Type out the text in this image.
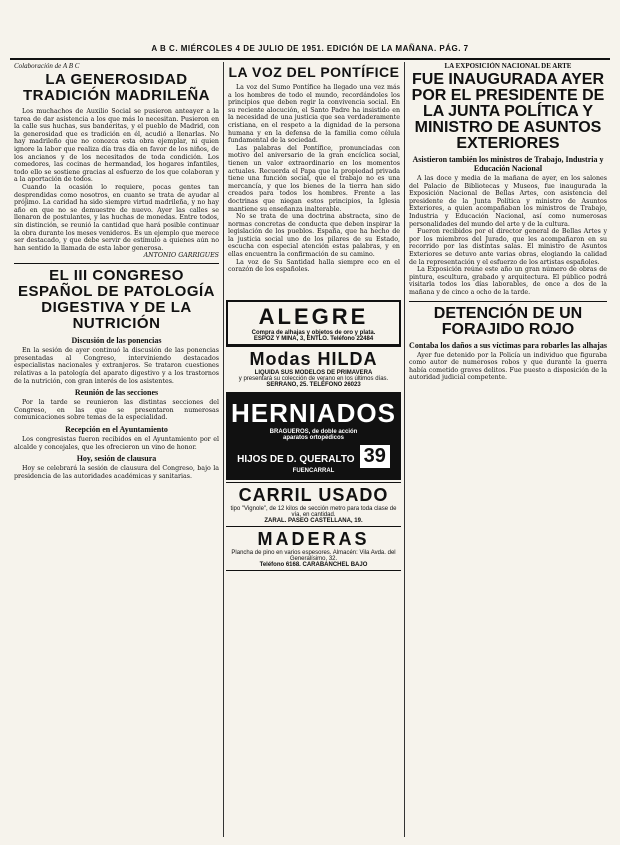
A B C. MIÉRCOLES 4 DE JULIO DE 1951. EDICIÓN DE LA MAÑANA. PÁG. 7
Colaboración de A B C
LA GENEROSIDAD TRADICIÓN MADRILEÑA

Los muchachos de Auxilio Social se pusieron anteayer a la tarea de dar asistencia a los que más lo necesitan. Pusieron en la calle sus huchas, sus banderitas, y el pueblo de Madrid, con la generosidad que es tradición en él, acudió a llenarlas. No hay madrileño que no conozca esta obra ejemplar, ni quien ignore la labor que realiza día tras día en favor de los niños, de los ancianos y de los necesitados de toda condición. Los comedores, las cocinas de hermandad, los hogares infantiles, todo ello se sostiene gracias al esfuerzo de los que colaboran y a la aportación de todos.

Cuando la ocasión lo requiere, pocas gentes tan desprendidas como nosotros, en cuanto se trata de ayudar al prójimo. La caridad ha sido siempre virtud madrileña, y no hay año en que no se demuestre de nuevo. Ayer las calles se llenaron de postulantes, y las huchas de monedas. Entre todos, sin distinción, se reunió la cantidad que hará posible continuar la obra durante los meses venideros. Es un ejemplo que merece ser destacado, y que debe servir de estímulo a quienes aún no han sentido la llamada de esta labor generosa.

ANTONIO GARRIGUES
EL III CONGRESO ESPAÑOL DE PATOLOGÍA DIGESTIVA Y DE LA NUTRICIÓN
Discusión de las ponencias

En la sesión de ayer continuó la discusión de las ponencias presentadas al Congreso, interviniendo destacados especialistas nacionales y extranjeros. Se trataron cuestiones relativas a la patología del aparato digestivo y a los trastornos de la nutrición, con gran interés de los asistentes.

Reunión de las secciones

Por la tarde se reunieron las distintas secciones del Congreso, en las que se presentaron numerosas comunicaciones sobre temas de la especialidad.

Recepción en el Ayuntamiento

Los congresistas fueron recibidos en el Ayuntamiento por el alcalde y concejales, que les ofrecieron un vino de honor.

Hoy, sesión de clausura

Hoy se celebrará la sesión de clausura del Congreso, bajo la presidencia de las autoridades académicas y sanitarias.

LA VOZ DEL PONTÍFICE

La voz del Sumo Pontífice ha llegado una vez más a los hombres de todo el mundo, recordándoles los principios que deben regir la convivencia social. En su reciente alocución, el Santo Padre ha insistido en la necesidad de una justicia que sea verdaderamente cristiana, en el respeto a la dignidad de la persona humana y en la defensa de la familia como célula fundamental de la sociedad.

Las palabras del Pontífice, pronunciadas con motivo del aniversario de la gran encíclica social, tienen un valor extraordinario en los momentos actuales. Recuerda el Papa que la propiedad privada tiene una función social, que el trabajo no es una mercancía, y que los bienes de la tierra han sido creados para todos los hombres. Frente a las doctrinas que niegan estos principios, la Iglesia mantiene su enseñanza inalterable.

No se trata de una doctrina abstracta, sino de normas concretas de conducta que deben inspirar la legislación de los pueblos. España, que ha hecho de la justicia social uno de los pilares de su Estado, escucha con especial atención estas palabras, y en ellas encuentra la confirmación de su camino.

La voz de Su Santidad halla siempre eco en el corazón de los españoles.

ALEGRE
Compra de alhajas y objetos de oro y plata.
ESPOZ Y MINA, 3, ENTLO. Teléfono 22484
Modas HILDA
LIQUIDA SUS MODELOS DE PRIMAVERA
y presentará su colección de verano en los últimos días.
SERRANO, 25. TELÉFONO 26023
HERNIADOS
BRAGUEROS, de doble acción
aparatos ortopédicos
HIJOS DE D. QUERALTO 39
FUENCARRAL
CARRIL USADO
tipo "Vignole", de 12 kilos de sección metro para toda clase de vía, en cantidad.
ZARAL. PASEO CASTELLANA, 19.
MADERAS
Plancha de pino en varios espesores. Almacén: Vila Avda. del Generalísimo, 32.
Teléfono 6168. CARABANCHEL BAJO
LA EXPOSICIÓN NACIONAL DE ARTE
FUE INAUGURADA AYER POR EL PRESIDENTE DE LA JUNTA POLÍTICA Y MINISTRO DE ASUNTOS EXTERIORES
Asistieron también los ministros de Trabajo, Industria y Educación Nacional

A las doce y media de la mañana de ayer, en los salones del Palacio de Bibliotecas y Museos, fue inaugurada la Exposición Nacional de Bellas Artes, con asistencia del presidente de la Junta Política y ministro de Asuntos Exteriores, a quien acompañaban los ministros de Trabajo, Industria y Educación Nacional, así como numerosas personalidades del mundo del arte y de la cultura.

Fueron recibidos por el director general de Bellas Artes y por los miembros del Jurado, que les acompañaron en su recorrido por las distintas salas. El ministro de Asuntos Exteriores se detuvo ante varias obras, elogiando la calidad de la representación y el esfuerzo de los artistas españoles.

La Exposición reúne este año un gran número de obras de pintura, escultura, grabado y arquitectura. El público podrá visitarla todos los días laborables, de once a dos de la mañana y de cinco a ocho de la tarde.

DETENCIÓN DE UN FORAJIDO ROJO
Contaba los daños a sus víctimas para robarles las alhajas

Ayer fue detenido por la Policía un individuo que figuraba como autor de numerosos robos y que durante la guerra había cometido graves delitos. Fue puesto a disposición de la autoridad judicial competente.
